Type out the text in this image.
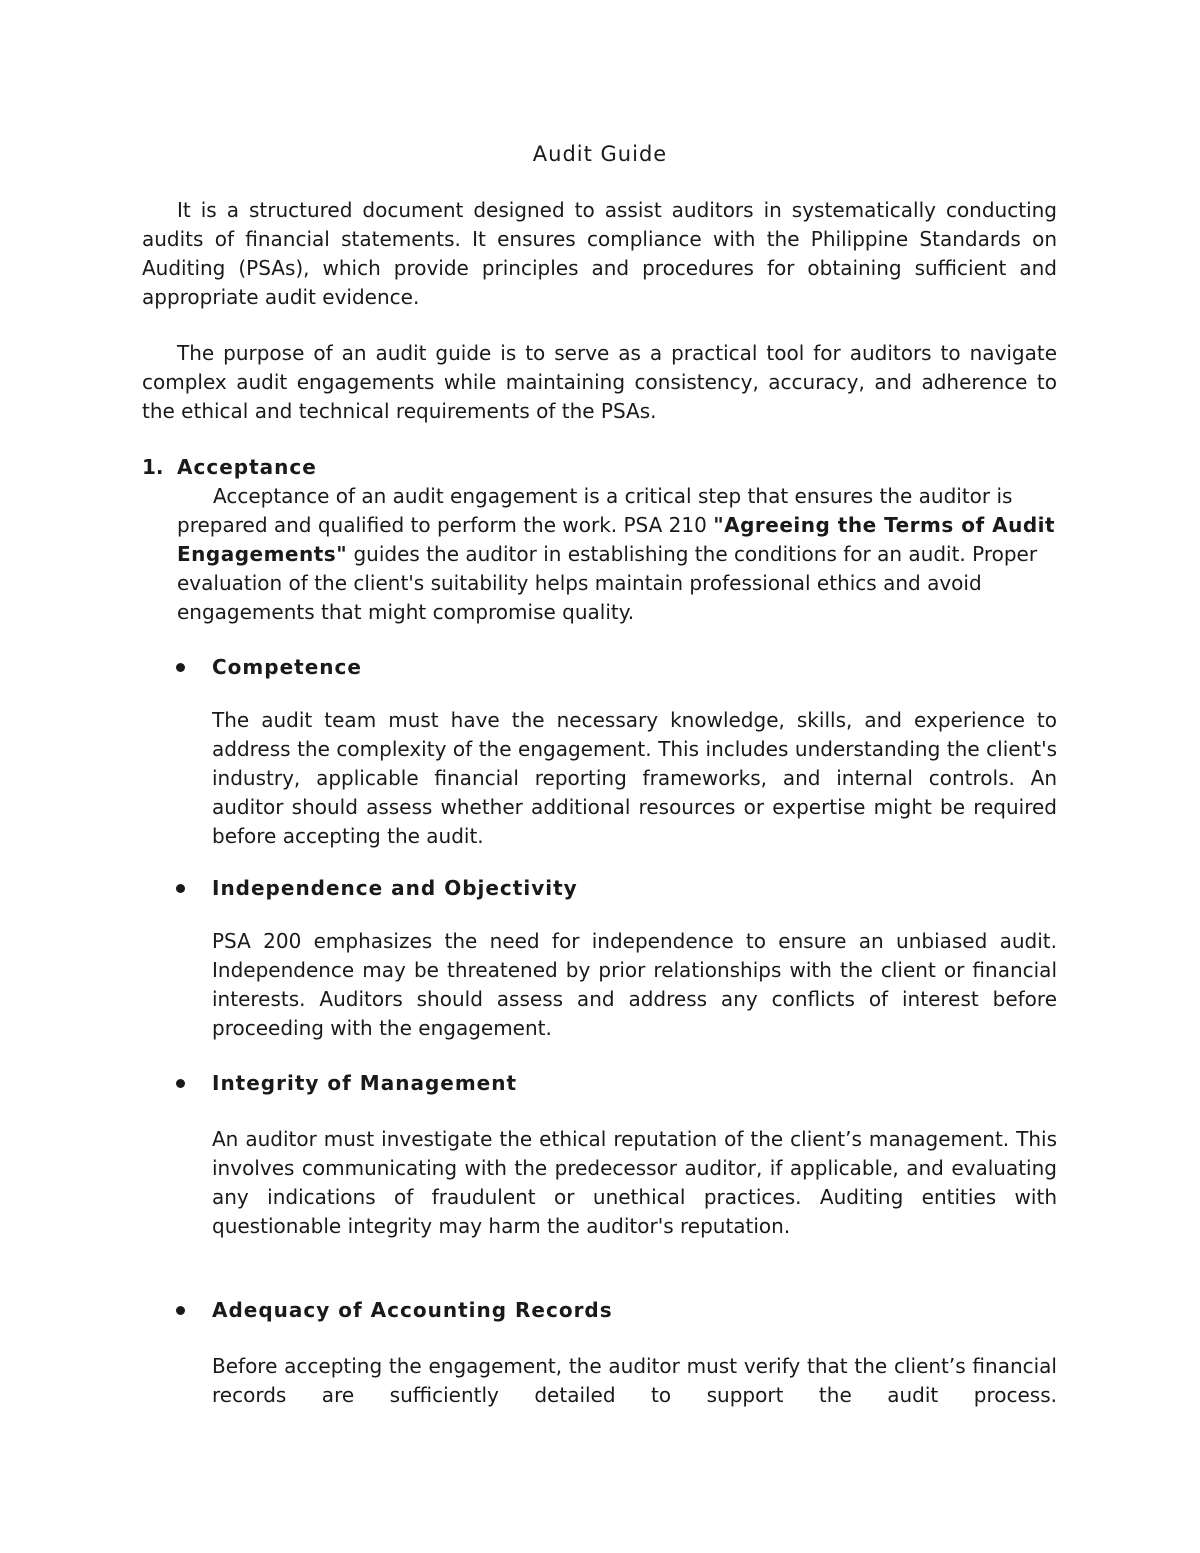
Audit Guide

It is a structured document designed to assist auditors in systematically conducting audits of financial statements. It ensures compliance with the Philippine Standards on Auditing (PSAs), which provide principles and procedures for obtaining sufficient and appropriate audit evidence.

The purpose of an audit guide is to serve as a practical tool for auditors to navigate complex audit engagements while maintaining consistency, accuracy, and adherence to the ethical and technical requirements of the PSAs.

1. Acceptance

Acceptance of an audit engagement is a critical step that ensures the auditor is prepared and qualified to perform the work. PSA 210 "Agreeing the Terms of Audit Engagements" guides the auditor in establishing the conditions for an audit. Proper evaluation of the client's suitability helps maintain professional ethics and avoid engagements that might compromise quality.

Competence

The audit team must have the necessary knowledge, skills, and experience to address the complexity of the engagement. This includes understanding the client's industry, applicable financial reporting frameworks, and internal controls. An auditor should assess whether additional resources or expertise might be required before accepting the audit.

Independence and Objectivity

PSA 200 emphasizes the need for independence to ensure an unbiased audit. Independence may be threatened by prior relationships with the client or financial interests. Auditors should assess and address any conflicts of interest before proceeding with the engagement.

Integrity of Management

An auditor must investigate the ethical reputation of the client’s management. This involves communicating with the predecessor auditor, if applicable, and evaluating any indications of fraudulent or unethical practices. Auditing entities with questionable integrity may harm the auditor's reputation.

Adequacy of Accounting Records

Before accepting the engagement, the auditor must verify that the client’s financial records are sufficiently detailed to support the audit process.
